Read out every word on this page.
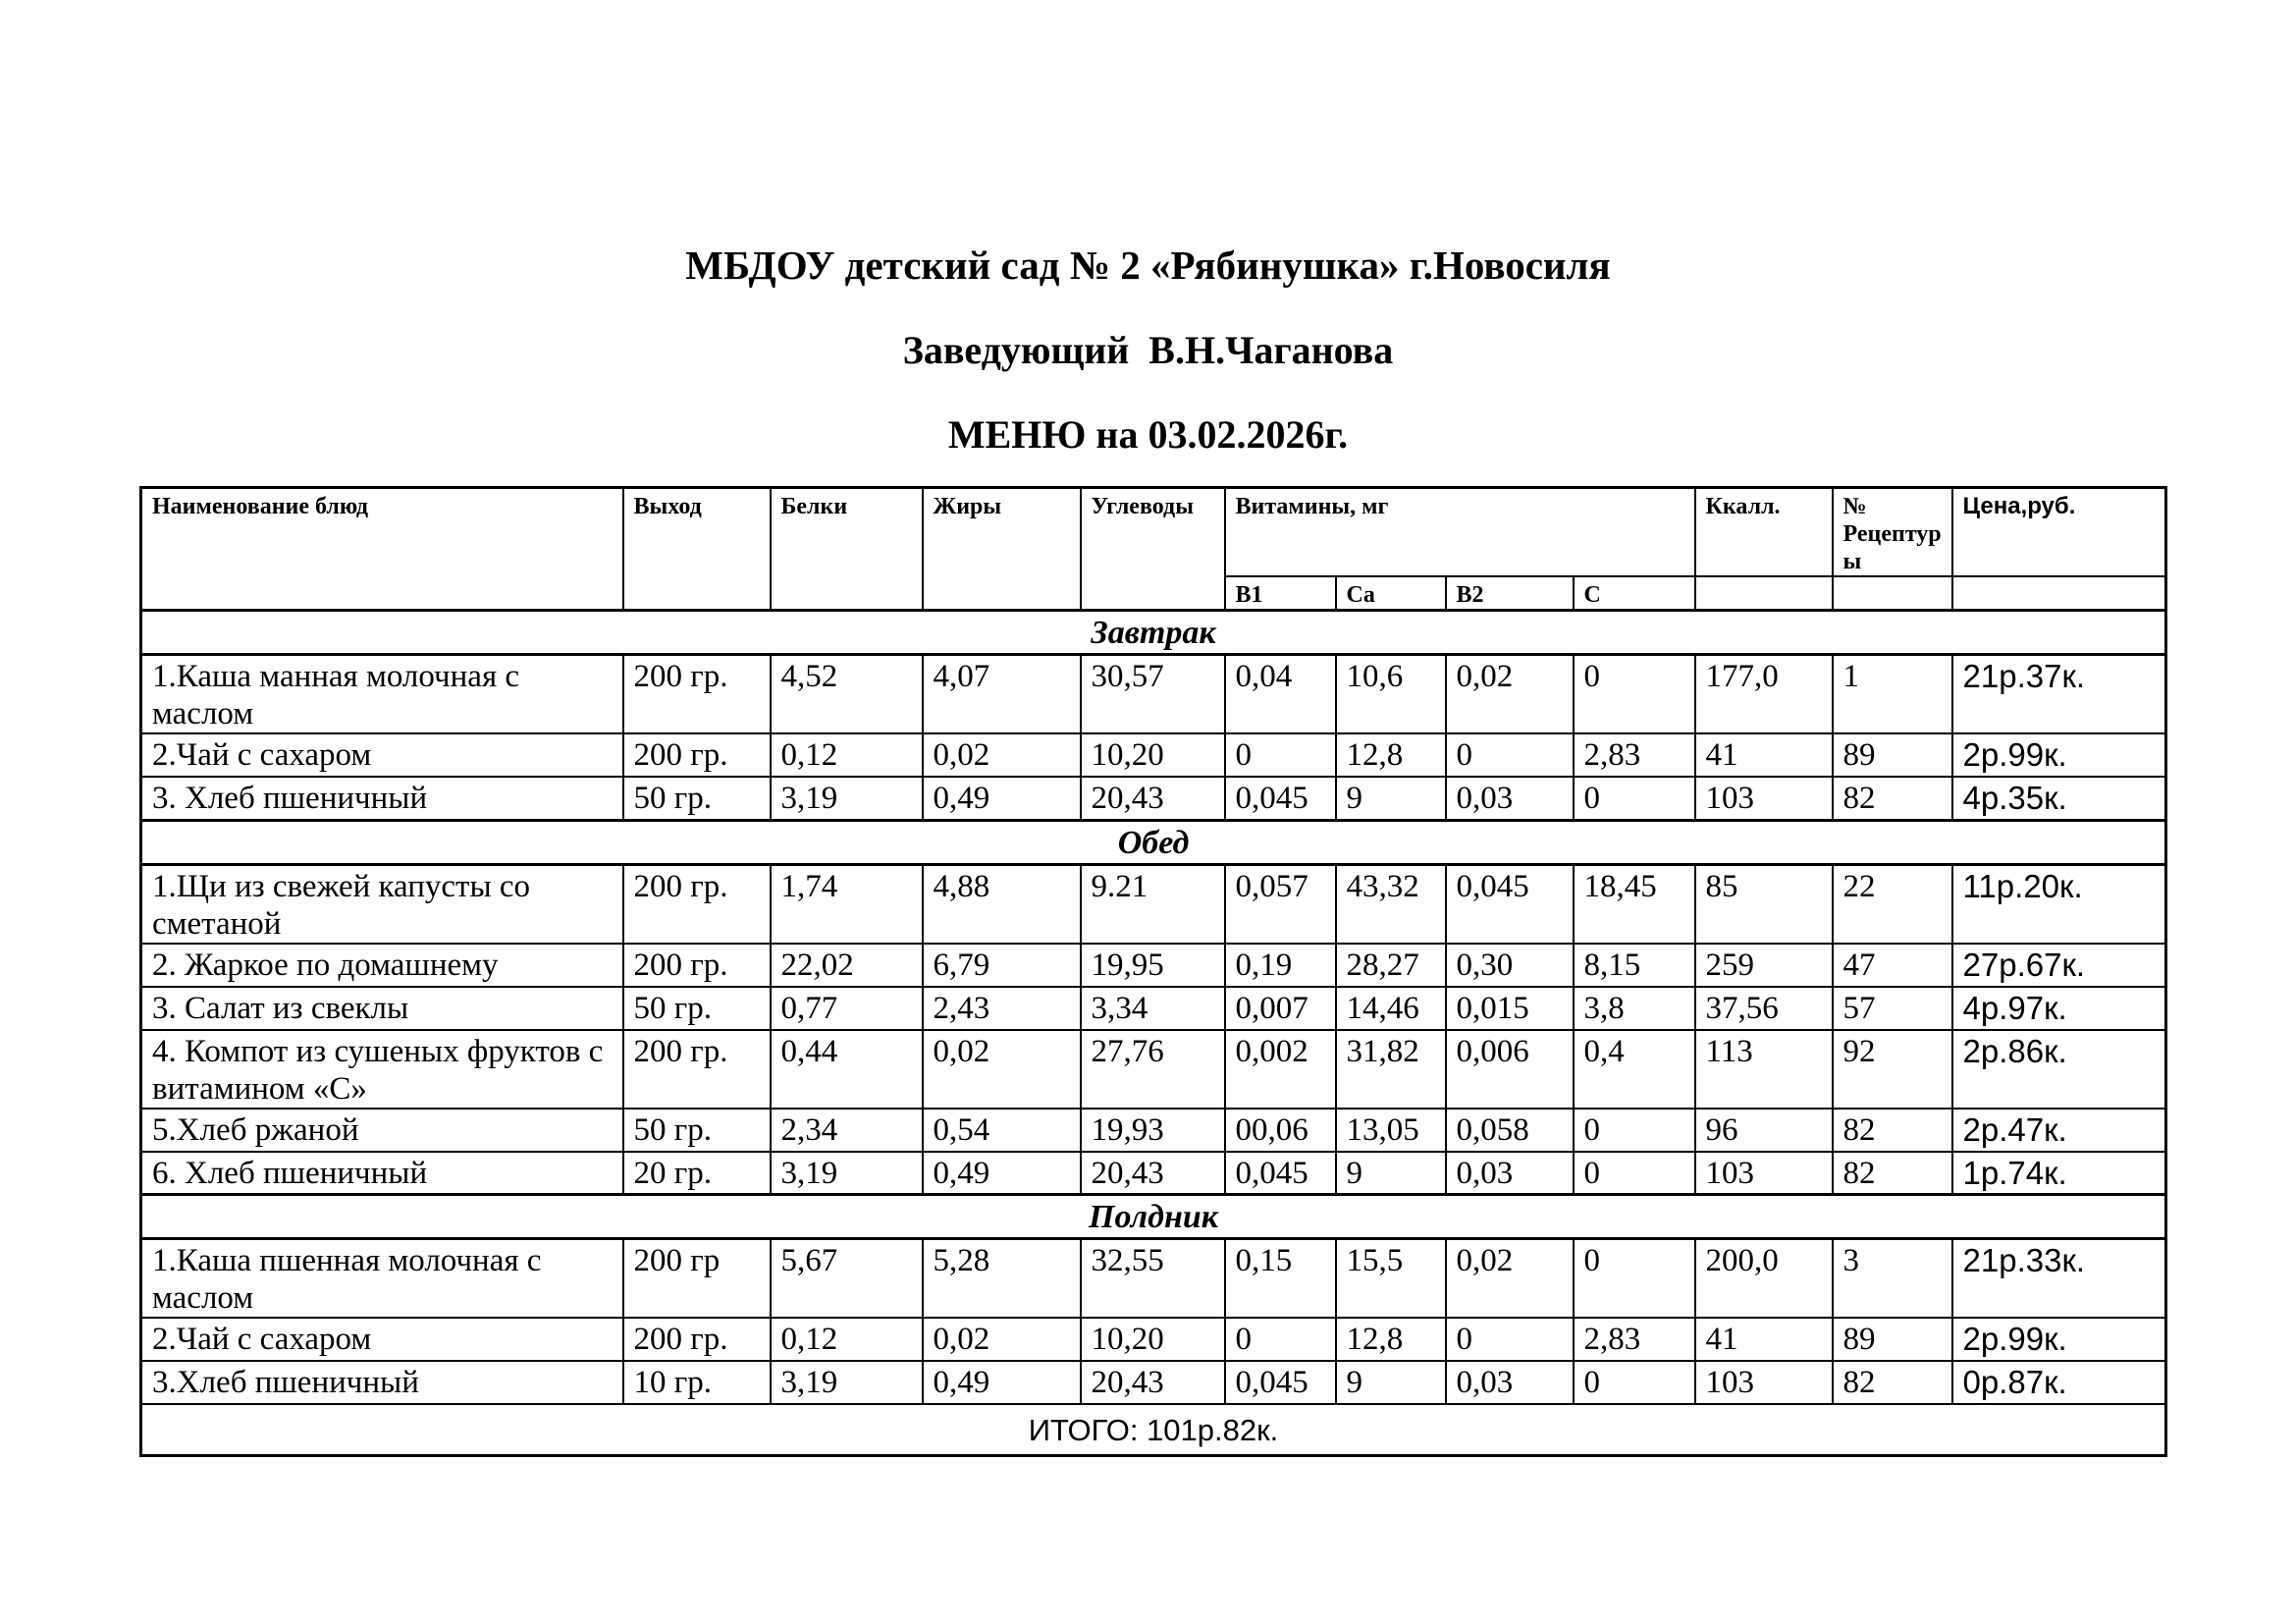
МБДОУ детский сад № 2 «Рябинушка» г.Новосиля
Заведующий  В.Н.Чаганова
МЕНЮ на 03.02.2026г.
Наименование блюд	Выход	Белки	Жиры	Углеводы	Витамины, мг				Ккалл.	№ Рецептуры	Цена,руб.
					В1	Са	В2	С			
Завтрак											
1.Каша манная молочная с маслом	200 гр.	4,52	4,07	30,57	0,04	10,6	0,02	0	177,0	1	21р.37к.
2.Чай с сахаром	200 гр.	0,12	0,02	10,20	0	12,8	0	2,83	41	89	2р.99к.
3. Хлеб пшеничный	50 гр.	3,19	0,49	20,43	0,045	9	0,03	0	103	82	4р.35к.
Обед											
1.Щи из свежей капусты со сметаной	200 гр.	1,74	4,88	9.21	0,057	43,32	0,045	18,45	85	22	11р.20к.
2. Жаркое по домашнему	200 гр.	22,02	6,79	19,95	0,19	28,27	0,30	8,15	259	47	27р.67к.
3. Салат из свеклы	50 гр.	0,77	2,43	3,34	0,007	14,46	0,015	3,8	37,56	57	4р.97к.
4. Компот из сушеных фруктов с витамином «С»	200 гр.	0,44	0,02	27,76	0,002	31,82	0,006	0,4	113	92	2р.86к.
5.Хлеб ржаной	50 гр.	2,34	0,54	19,93	00,06	13,05	0,058	0	96	82	2р.47к.
6. Хлеб пшеничный	20 гр.	3,19	0,49	20,43	0,045	9	0,03	0	103	82	1р.74к.
Полдник											
1.Каша пшенная молочная с маслом	200 гр	5,67	5,28	32,55	0,15	15,5	0,02	0	200,0	3	21р.33к.
2.Чай с сахаром	200 гр.	0,12	0,02	10,20	0	12,8	0	2,83	41	89	2р.99к.
3.Хлеб пшеничный	10 гр.	3,19	0,49	20,43	0,045	9	0,03	0	103	82	0р.87к.
ИТОГО: 101р.82к.											
